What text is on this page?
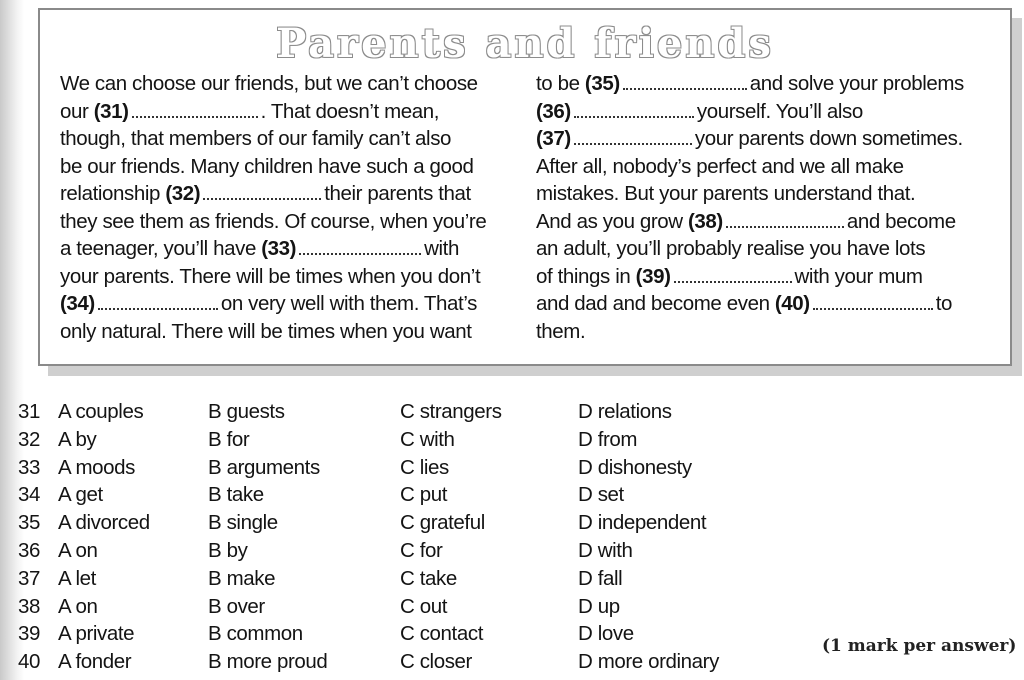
Parents and friends
We can choose our friends, but we can’t choose
our (31)	. That doesn’t mean,
though, that members of our family can’t also
be our friends. Many children have such a good
relationship (32)	their parents that
they see them as friends. Of course, when you’re
a teenager, you’ll have (33)	with
your parents. There will be times when you don’t
(34)	on very well with them. That’s
only natural. There will be times when you want
to be (35)	and solve your problems
(36)	yourself. You’ll also
(37)	your parents down sometimes.
After all, nobody’s perfect and we all make
mistakes. But your parents understand that.
And as you grow (38)	and become
an adult, you’ll probably realise you have lots
of things in (39)	with your mum
and dad and become even (40)	to
them.
31 A couples	B guests	C strangers	D relations
32 A by	B for	C with	D from
33 A moods	B arguments	C lies	D dishonesty
34 A get	B take	C put	D set
35 A divorced	B single	C grateful	D independent
36 A on	B by	C for	D with
37 A let	B make	C take	D fall
38 A on	B over	C out	D up
39 A private	B common	C contact	D love
40 A fonder	B more proud	C closer	D more ordinary
(1 mark per answer)
